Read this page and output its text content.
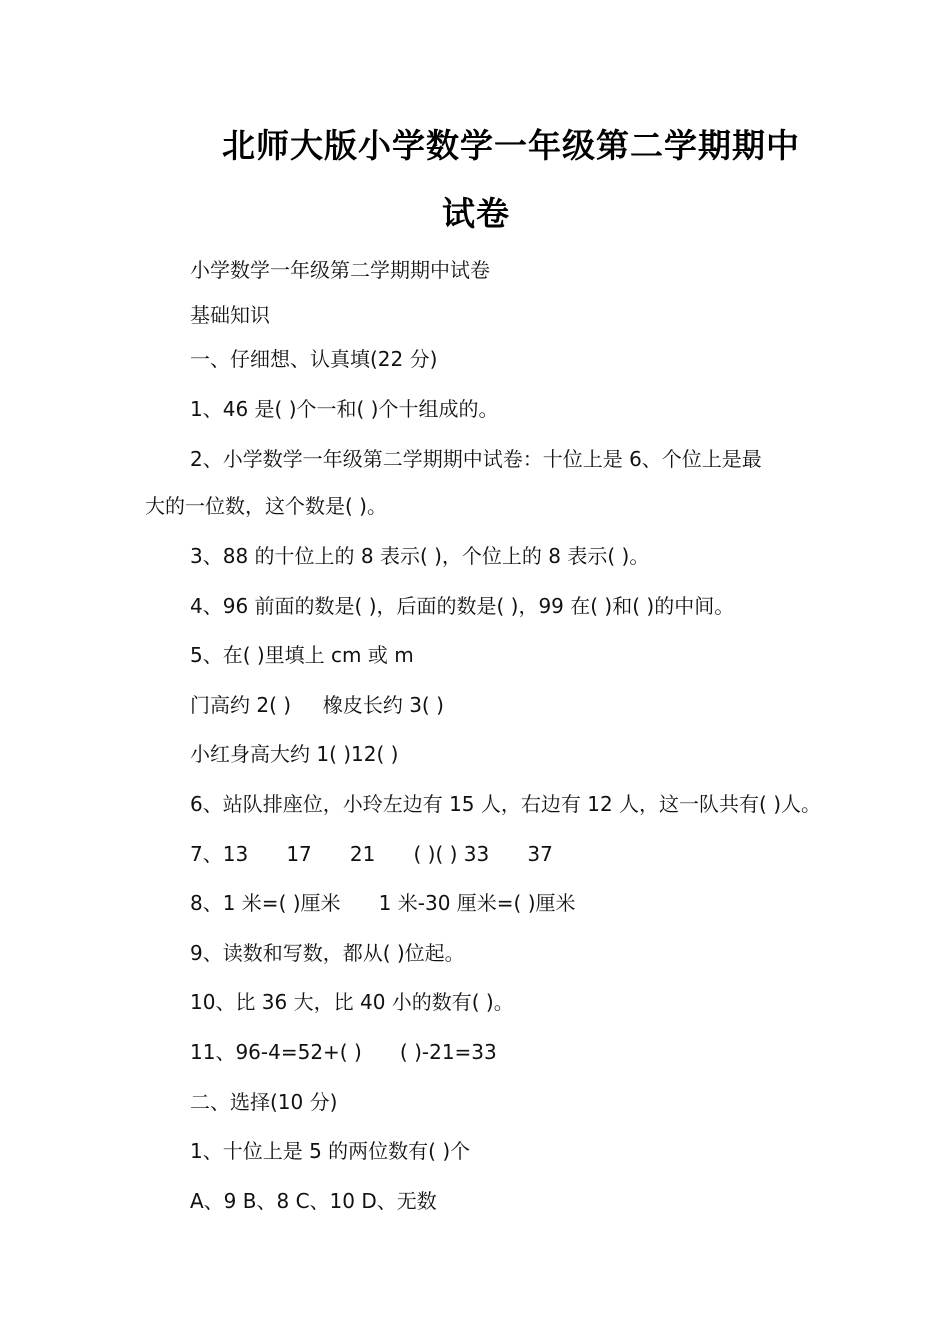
北师大版小学数学一年级第二学期期中
试卷
小学数学一年级第二学期期中试卷
基础知识
一、仔细想、认真填(22 分)
1、46 是( )个一和( )个十组成的。
2、小学数学一年级第二学期期中试卷：十位上是 6、个位上是最
大的一位数，这个数是( )。
3、88 的十位上的 8 表示( )，个位上的 8 表示( )。
4、96 前面的数是( )，后面的数是( )，99 在( )和( )的中间。
5、在( )里填上 cm 或 m
门高约 2( )     橡皮长约 3( )
小红身高大约 1( )12( )
6、站队排座位，小玲左边有 15 人，右边有 12 人，这一队共有( )人。
7、13      17      21      ( )( ) 33      37
8、1 米=( )厘米      1 米-30 厘米=( )厘米
9、读数和写数，都从( )位起。
10、比 36 大，比 40 小的数有( )。
11、96-4=52+( )      ( )-21=33
二、选择(10 分)
1、十位上是 5 的两位数有( )个
A、9 B、8 C、10 D、无数
